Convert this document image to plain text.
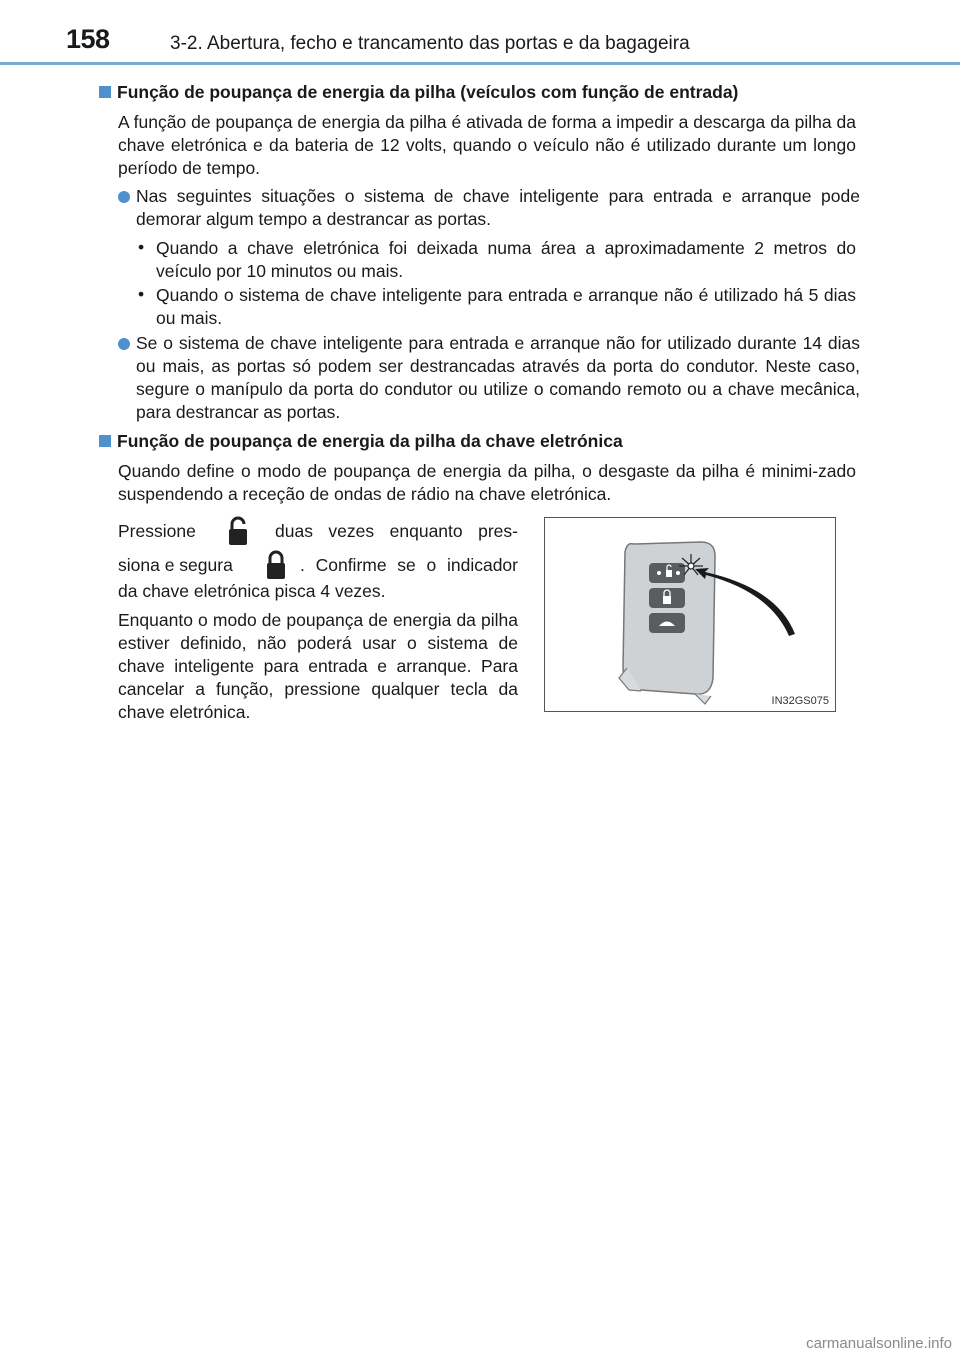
158	3-2. Abertura, fecho e trancamento das portas e da bagageira
Função de poupança de energia da pilha (veículos com função de entrada)
A função de poupança de energia da pilha é ativada de forma a impedir a descarga da pilha da chave eletrónica e da bateria de 12 volts, quando o veículo não é utilizado durante um longo período de tempo.
Nas seguintes situações o sistema de chave inteligente para entrada e arranque pode demorar algum tempo a destrancar as portas.
• Quando a chave eletrónica foi deixada numa área a aproximadamente 2 metros do veículo por 10 minutos ou mais.
• Quando o sistema de chave inteligente para entrada e arranque não é utilizado há 5 dias ou mais.
Se o sistema de chave inteligente para entrada e arranque não for utilizado durante 14 dias ou mais, as portas só podem ser destrancadas através da porta do condutor. Neste caso, segure o manípulo da porta do condutor ou utilize o comando remoto ou a chave mecânica, para destrancar as portas.
Função de poupança de energia da pilha da chave eletrónica
Quando define o modo de poupança de energia da pilha, o desgaste da pilha é minimi-zado suspendendo a receção de ondas de rádio na chave eletrónica.
Pressione	duas vezes enquanto pres-
siona e segura	. Confirme se o indicador
da chave eletrónica pisca 4 vezes.
Enquanto o modo de poupança de energia da pilha estiver definido, não poderá usar o sistema de chave inteligente para entrada e arranque. Para cancelar a função, pressione qualquer tecla da chave eletrónica.
IN32GS075
carmanualsonline.info
